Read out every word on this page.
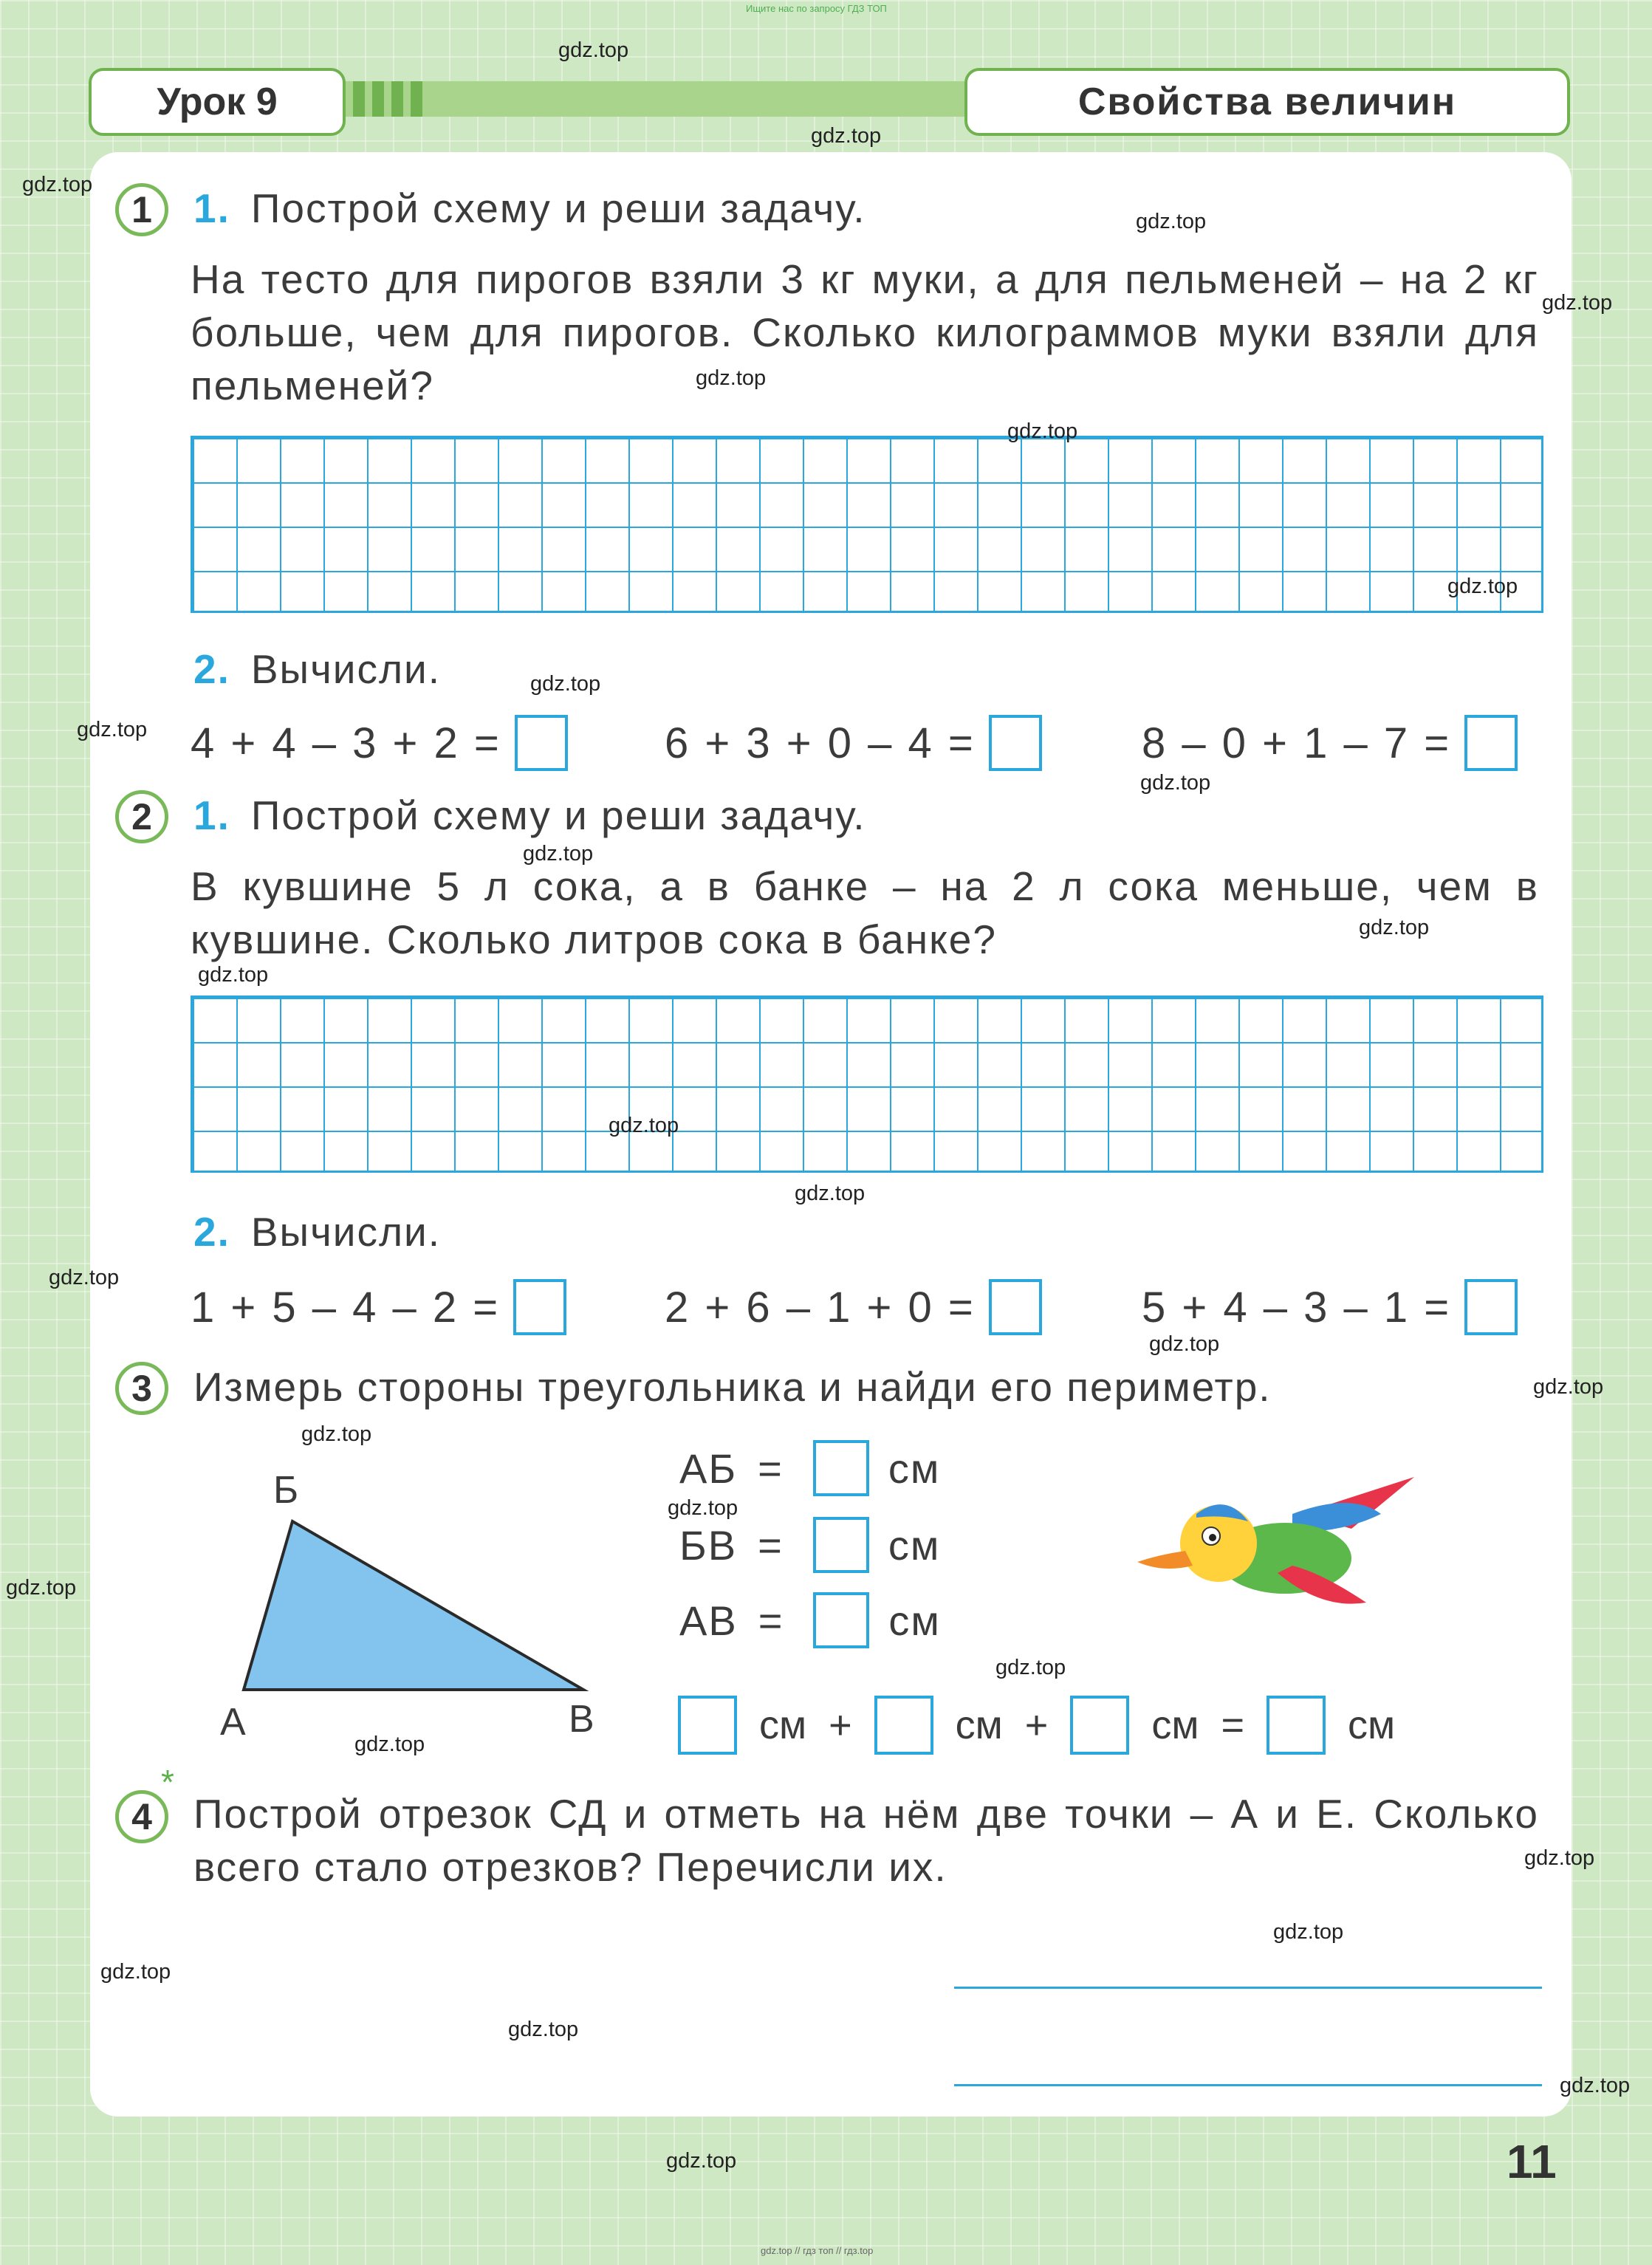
Ищите нас по запросу ГДЗ ТОП
Урок 9	Свойства величин
1	1. Построй схему и реши задачу.
На тесто для пирогов взяли 3 кг муки, а для пельменей – на 2 кг больше, чем для пирогов. Сколько килограммов муки взяли для пельменей?
2. Вычисли.
4 + 4 – 3 + 2 =	6 + 3 + 0 – 4 =	8 – 0 + 1 – 7 =
2	1. Построй схему и реши задачу.
В кувшине 5 л сока, а в банке – на 2 л сока меньше, чем в кувшине. Сколько литров сока в банке?
2. Вычисли.
1 + 5 – 4 – 2 =	2 + 6 – 1 + 0 =	5 + 4 – 3 – 1 =
3	Измерь стороны треугольника и найди его периметр.
Б
А	В
АБ =	см
БВ =	см
АВ =	см
см +	см +	см =	см
*
4	Построй отрезок СД и отметь на нём две точки – А и Е. Сколько всего стало отрезков? Перечисли их.
11
gdz.top // гдз топ // гдз.top
gdz.top
gdz.top
gdz.top
gdz.top
gdz.top
gdz.top
gdz.top
gdz.top
gdz.top
gdz.top
gdz.top
gdz.top
gdz.top
gdz.top
gdz.top
gdz.top
gdz.top
gdz.top
gdz.top
gdz.top
gdz.top
gdz.top
gdz.top
gdz.top
gdz.top
gdz.top
gdz.top
gdz.top
gdz.top
gdz.top
